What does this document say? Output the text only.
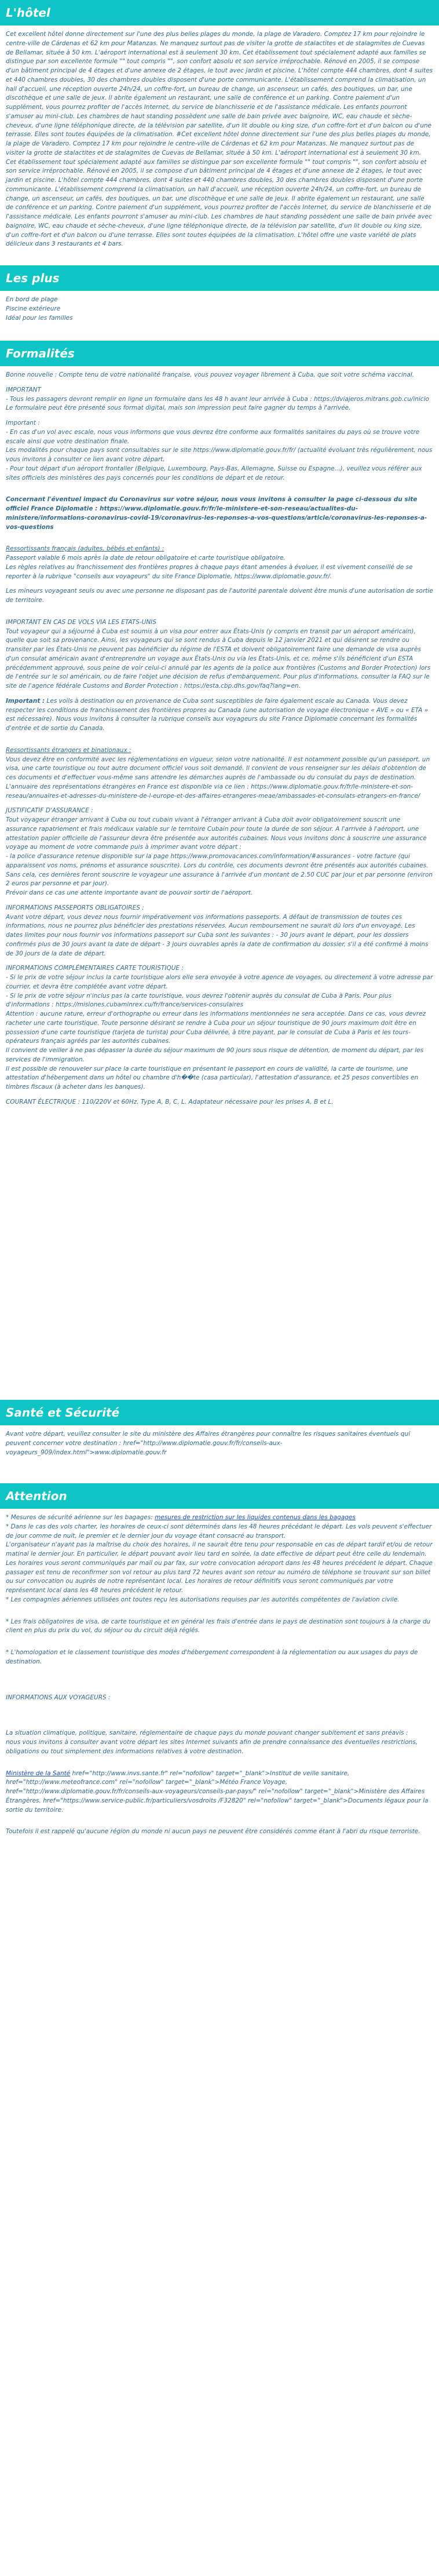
L'hôtel

Cet excellent hôtel donne directement sur l'une des plus belles plages du monde, la plage de Varadero. Comptez 17 km pour rejoindre le centre-ville de Cárdenas et 62 km pour Matanzas. Ne manquez surtout pas de visiter la grotte de stalactites et de stalagmites de Cuevas de Bellamar, située à 50 km. L'aéroport international est à seulement 30 km. Cet établissement tout spécialement adapté aux familles se distingue par son excellente formule "" tout compris "", son confort absolu et son service irréprochable. Rénové en 2005, il se compose d'un bâtiment principal de 4 étages et d'une annexe de 2 étages, le tout avec jardin et piscine. L'hôtel compte 444 chambres, dont 4 suites et 440 chambres doubles, 30 des chambres doubles disposent d'une porte communicante. L'établissement comprend la climatisation, un hall d'accueil, une réception ouverte 24h/24, un coffre-fort, un bureau de change, un ascenseur, un cafés, des boutiques, un bar, une discothèque et une salle de jeux. Il abrite également un restaurant, une salle de conférence et un parking. Contre paiement d'un supplément, vous pourrez profiter de l'accès Internet, du service de blanchisserie et de l'assistance médicale. Les enfants pourront s'amuser au mini-club. Les chambres de haut standing possèdent une salle de bain privée avec baignoire, WC, eau chaude et sèche-cheveux, d'une ligne téléphonique directe, de la télévision par satellite, d'un lit double ou king size, d'un coffre-fort et d'un balcon ou d'une terrasse. Elles sont toutes équipées de la climatisation. #Cet excellent hôtel donne directement sur l'une des plus belles plages du monde, la plage de Varadero. Comptez 17 km pour rejoindre le centre-ville de Cárdenas et 62 km pour Matanzas. Ne manquez surtout pas de visiter la grotte de stalactites et de stalagmites de Cuevas de Bellamar, située à 50 km. L'aéroport international est à seulement 30 km. Cet établissement tout spécialement adapté aux familles se distingue par son excellente formule "" tout compris "", son confort absolu et son service irréprochable. Rénové en 2005, il se compose d'un bâtiment principal de 4 étages et d'une annexe de 2 étages, le tout avec jardin et piscine. L'hôtel compte 444 chambres, dont 4 suites et 440 chambres doubles, 30 des chambres doubles disposent d'une porte communicante. L'établissement comprend la climatisation, un hall d'accueil, une réception ouverte 24h/24, un coffre-fort, un bureau de change, un ascenseur, un cafés, des boutiques, un bar, une discothèque et une salle de jeux. Il abrite également un restaurant, une salle de conférence et un parking. Contre paiement d'un supplément, vous pourrez profiter de l'accès Internet, du service de blanchisserie et de l'assistance médicale. Les enfants pourront s'amuser au mini-club. Les chambres de haut standing possèdent une salle de bain privée avec baignoire, WC, eau chaude et sèche-cheveux, d'une ligne téléphonique directe, de la télévision par satellite, d'un lit double ou king size, d'un coffre-fort et d'un balcon ou d'une terrasse. Elles sont toutes équipées de la climatisation. L'hôtel offre une vaste variété de plats délicieux dans 3 restaurants et 4 bars.

Les plus
En bord de plage
Piscine extérieure
Idéal pour les familles
Formalités

Bonne nouvelle : Compte tenu de votre nationalité française, vous pouvez voyager librement à Cuba, que soit votre schéma vaccinal.

IMPORTANT

- Tous les passagers devront remplir en ligne un formulaire dans les 48 h avant leur arrivée à Cuba : https://dviajeros.mitrans.gob.cu/inicio

Le formulaire peut être présenté sous format digital, mais son impression peut faire gagner du temps à l'arrivée.

Important :

- En cas d'un vol avec escale, nous vous informons que vous devrez être conforme aux formalités sanitaires du pays où se trouve votre escale ainsi que votre destination finale.

Les modalités pour chaque pays sont consultables sur le site https://www.diplomatie.gouv.fr/fr/ (actualité évoluant très régulièrement, nous vous invitons à consulter ce lien avant votre départ.

- Pour tout départ d'un aéroport frontalier (Belgique, Luxembourg, Pays-Bas, Allemagne, Suisse ou Espagne...), veuillez vous référer aux sites officiels des ministères des pays concernés pour les conditions de départ et de retour.

Concernant l'éventuel impact du Coronavirus sur votre séjour, nous vous invitons à consulter la page ci-dessous du site officiel France Diplomatie : https://www.diplomatie.gouv.fr/fr/le-ministere-et-son-reseau/actualites-du-ministere/informations-coronavirus-covid-19/coronavirus-les-reponses-a-vos-questions/article/coronavirus-les-reponses-a-vos-questions

Ressortissants français (adultes, bébés et enfants) :

Passeport valable 6 mois après la date de retour obligatoire et carte touristique obligatoire.

Les règles relatives au franchissement des frontières propres à chaque pays étant amenées à évoluer, il est vivement conseillé de se reporter à la rubrique "conseils aux voyageurs" du site France Diplomatie, https://www.diplomatie.gouv.fr/.

Les mineurs voyageant seuls ou avec une personne ne disposant pas de l'autorité parentale doivent être munis d'une autorisation de sortie de territoire.

IMPORTANT EN CAS DE VOLS VIA LES ETATS-UNIS

Tout voyageur qui a séjourné à Cuba est soumis à un visa pour entrer aux États-Unis (y compris en transit par un aéroport américain), quelle que soit sa provenance. Ainsi, les voyageurs qui se sont rendus à Cuba depuis le 12 janvier 2021 et qui désirent se rendre ou transiter par les États-Unis ne peuvent pas bénéficier du régime de l'ESTA et doivent obligatoirement faire une demande de visa auprès d'un consulat américain avant d'entreprendre un voyage aux États-Unis ou via les États-Unis, et ce, même s'ils bénéficient d'un ESTA précédemment approuvé, sous peine de voir celui-ci annulé par les agents de la police aux frontières (Customs and Border Protection) lors de l'entrée sur le sol américain, ou de faire l'objet une décision de refus d'embarquement. Pour plus d'informations, consulter la FAQ sur le site de l'agence fédérale Customs and Border Protection : https://esta.cbp.dhs.gov/faq?lang=en.

Important : Les voils à destination ou en provenance de Cuba sont susceptibles de faire également escale au Canada. Vous devez respecter les conditions de franchissement des frontières propres au Canada (une autorisation de voyage électronique « AVE » ou « ETA » est nécessaire). Nous vous invitons à consulter la rubrique conseils aux voyageurs du site France Diplomatie concernant les formalités d'entrée et de sortie du Canada.

Ressortissants étrangers et binationaux :

Vous devez être en conformité avec les réglementations en vigueur, selon votre nationalité. Il est notamment possible qu'un passeport, un visa, une carte touristique ou tout autre document officiel vous soit demandé. Il convient de vous renseigner sur les délais d'obtention de ces documents et d'effectuer vous-même sans attendre les démarches auprès de l'ambassade ou du consulat du pays de destination.

L'annuaire des représentations étrangères en France est disponible via ce lien : https://www.diplomatie.gouv.fr/fr/le-ministere-et-son-reseau/annuaires-et-adresses-du-ministere-de-l-europe-et-des-affaires-etrangeres-meae/ambassades-et-consulats-etrangers-en-france/

JUSTIFICATIF D'ASSURANCE :

Tout voyageur étranger arrivant à Cuba ou tout cubain vivant à l'étranger arrivant à Cuba doit avoir obligatoirement souscrit une assurance rapatriement et frais médicaux valable sur le territoire Cubain pour toute la durée de son séjour. A l'arrivée à l'aéroport, une attestation papier officielle de l'assureur devra être présentée aux autorités cubaines. Nous vous invitons donc à souscrire une assurance voyage au moment de votre commande puis à imprimer avant votre départ :

- la police d'assurance retenue disponible sur la page https://www.promovacances.com/information/#assurances - votre facture (qui apparaissent vos noms, prénoms et assurance souscrite). Lors du contrôle, ces documents devront être présentés aux autorités cubaines. Sans cela, ces dernières feront souscrire le voyageur une assurance à l'arrivée d'un montant de 2.50 CUC par jour et par personne (environ 2 euros par personne et par jour).

Prévoir dans ce cas une attente importante avant de pouvoir sortir de l'aéroport.

INFORMATIONS PASSEPORTS OBLIGATOIRES :

Avant votre départ, vous devez nous fournir impérativement vos informations passeports. A défaut de transmission de toutes ces informations, nous ne pourrez plus bénéficier des prestations réservées. Aucun remboursement ne saurait dû lors d'un envoyagé. Les dates limites pour nous fournir vos informations passeport sur Cuba sont les suivantes : - 30 jours avant le départ, pour les dossiers confirmés plus de 30 jours avant la date de départ - 3 jours ouvrables après la date de confirmation du dossier, s'il a été confirmé à moins de 30 jours de la date de départ.

INFORMATIONS COMPLÉMENTAIRES CARTE TOURISTIQUE :

- Si le prix de votre séjour inclus la carte touristique alors elle sera envoyée à votre agence de voyages, ou directement à votre adresse par courrier, et devra être complétée avant votre départ.
- Si le prix de votre séjour n'inclus pas la carte touristique, vous devrez l'obtenir auprès du consulat de Cuba à Paris. Pour plus d'informations : https://misiones.cubaminrex.cu/fr/france/services-consulaires
Attention : aucune rature, erreur d'orthographe ou erreur dans les informations mentionnées ne sera acceptée. Dans ce cas, vous devrez racheter une carte touristique. Toute personne désirant se rendre à Cuba pour un séjour touristique de 90 jours maximum doit être en possession d'une carte touristique (tarjeta de turista) pour Cuba délivrée, à titre payant, par le consulat de Cuba à Paris et les tours-opérateurs français agréés par les autorités cubaines.
Il convient de veiller à ne pas dépasser la durée du séjour maximum de 90 jours sous risque de détention, de moment du départ, par les services de l'immigration.
Il est possible de renouveler sur place la carte touristique en présentant le passeport en cours de validité, la carte de tourisme, une attestation d'hébergement dans un hôtel ou chambre d'h��te (casa particular), l'attestation d'assurance, et 25 pesos convertibles en timbres fiscaux (à acheter dans les banques).

COURANT ÉLECTRIQUE : 110/220V et 60Hz. Type A, B, C, L. Adaptateur nécessaire pour les prises A, B et L.

Santé et Sécurité

Avant votre départ, veuillez consulter le site du ministère des Affaires étrangères pour connaître les risques sanitaires éventuels qui peuvent concerner votre destination : href="http://www.diplomatie.gouv.fr/fr/conseils-aux-voyageurs_909/index.html">www.diplomatie.gouv.fr

Attention

* Mesures de sécurité aérienne sur les bagages: mesures de restriction sur les liquides contenus dans les bagages

* Dans le cas des vols charter, les horaires de ceux-ci sont déterminés dans les 48 heures précédant le départ. Les vols peuvent s'effectuer de jour comme de nuit, le premier et le dernier jour du voyage étant consacré au transport.
L'organisateur n'ayant pas la maîtrise du choix des horaires, il ne saurait être tenu pour responsable en cas de départ tardif et/ou de retour matinal le dernier jour. En particulier, le départ pouvant avoir lieu tard en soirée, la date effective de départ peut être celle du lendemain. Les horaires vous seront communiqués par mail ou par fax, sur votre convocation aéroport dans les 48 heures précédent le départ. Chaque passager est tenu de reconfirmer son vol retour au plus tard 72 heures avant son retour au numéro de téléphone se trouvant sur son billet ou sur convocation ou auprès de notre représentant local. Les horaires de retour définitifs vous seront communiqués par votre représentant local dans les 48 heures précédent le retour.
* Les compagnies aériennes utilisées ont toutes reçu les autorisations requises par les autorités compétentes de l'aviation civile.

* Les frais obligatoires de visa, de carte touristique et en général les frais d'entrée dans le pays de destination sont toujours à la charge du client en plus du prix du vol, du séjour ou du circuit déjà réglés.

* L'homologation et le classement touristique des modes d'hébergement correspondent à la réglementation ou aux usages du pays de destination.

INFORMATIONS AUX VOYAGEURS :

La situation climatique, politique, sanitaire, réglementaire de chaque pays du monde pouvant changer subitement et sans préavis :
nous vous invitons à consulter avant votre départ les sites Internet suivants afin de prendre connaissance des éventuelles restrictions, obligations ou tout simplement des informations relatives à votre destination.

Ministère de la Santé href="http://www.invs.sante.fr" rel="nofollow" target="_blank">Institut de veille sanitaire, href="http://www.meteofrance.com" rel="nofollow" target="_blank">Météo France Voyage, href="http://www.diplomatie.gouv.fr/fr/conseils-aux-voyageurs/conseils-par-pays/" rel="nofollow" target="_blank">Ministère des Affaires Étrangères, href="https://www.service-public.fr/particuliers/vosdroits /F32820" rel="nofollow" target="_blank">Documents légaux pour la sortie du territoire.

Toutefois il est rappelé qu'aucune région du monde ni aucun pays ne peuvent être considérés comme étant à l'abri du risque terroriste.
